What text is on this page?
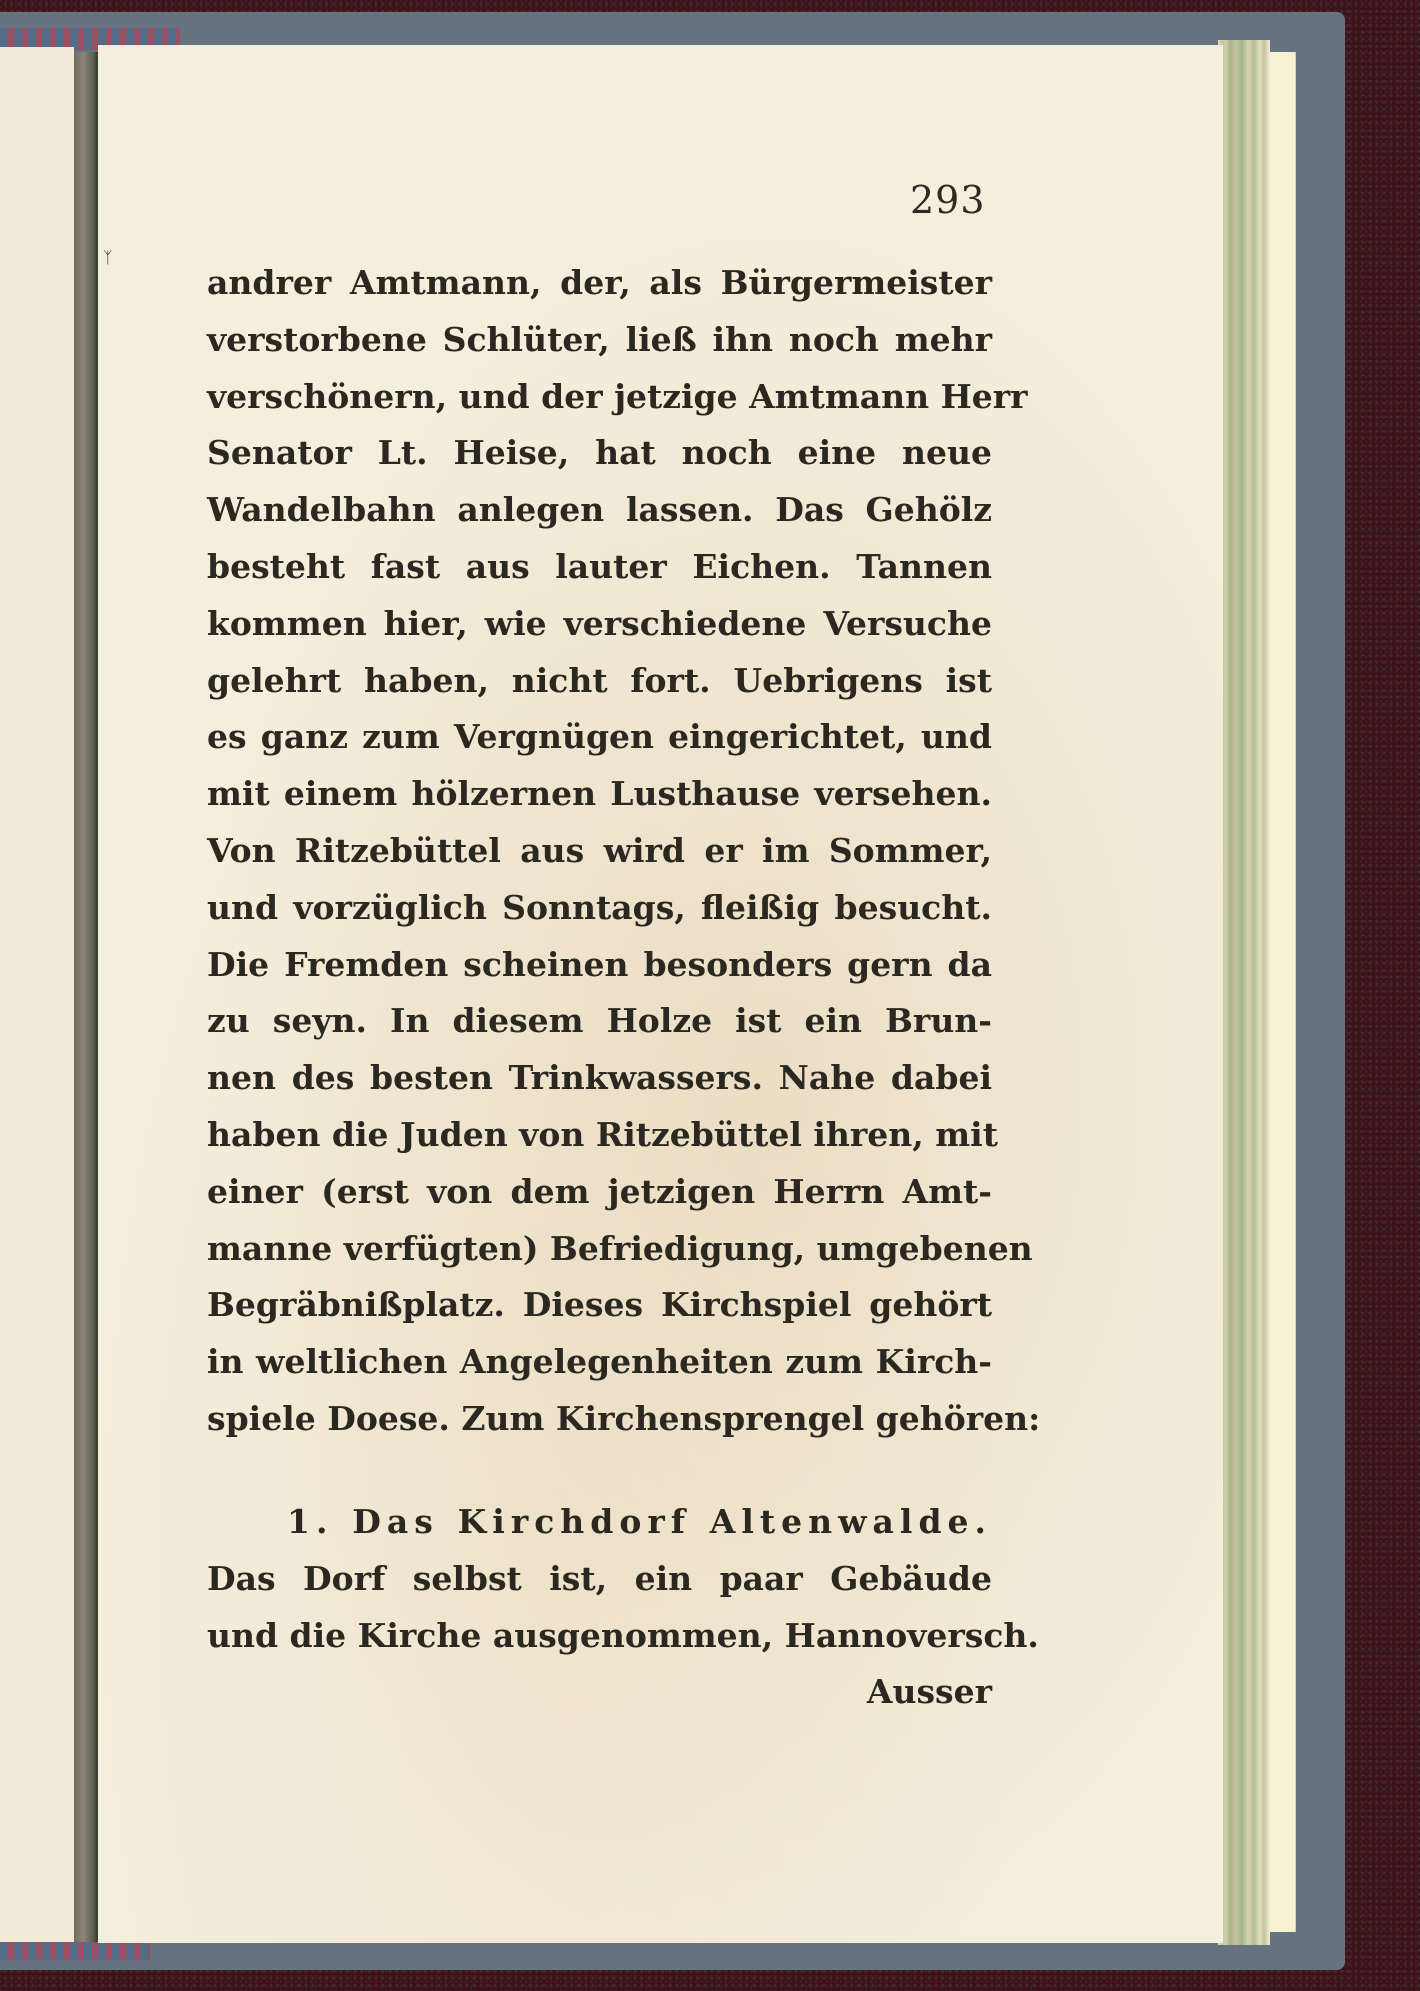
ᛉ
293
andrer Amtmann, der, als Bürgermeister
verstorbene Schlüter, ließ ihn noch mehr
verschönern, und der jetzige Amtmann Herr
Senator Lt. Heise, hat noch eine neue
Wandelbahn anlegen lassen. Das Gehölz
besteht fast aus lauter Eichen. Tannen
kommen hier, wie verschiedene Versuche
gelehrt haben, nicht fort. Uebrigens ist
es ganz zum Vergnügen eingerichtet, und
mit einem hölzernen Lusthause versehen.
Von Ritzebüttel aus wird er im Sommer,
und vorzüglich Sonntags, fleißig besucht.
Die Fremden scheinen besonders gern da
zu seyn. In diesem Holze ist ein Brun-
nen des besten Trinkwassers. Nahe dabei
haben die Juden von Ritzebüttel ihren, mit
einer (erst von dem jetzigen Herrn Amt-
manne verfügten) Befriedigung, umgebenen
Begräbnißplatz. Dieses Kirchspiel gehört
in weltlichen Angelegenheiten zum Kirch-
spiele Doese. Zum Kirchensprengel gehören:
1. Das Kirchdorf Altenwalde.
Das Dorf selbst ist, ein paar Gebäude
und die Kirche ausgenommen, Hannoversch.
Ausser
